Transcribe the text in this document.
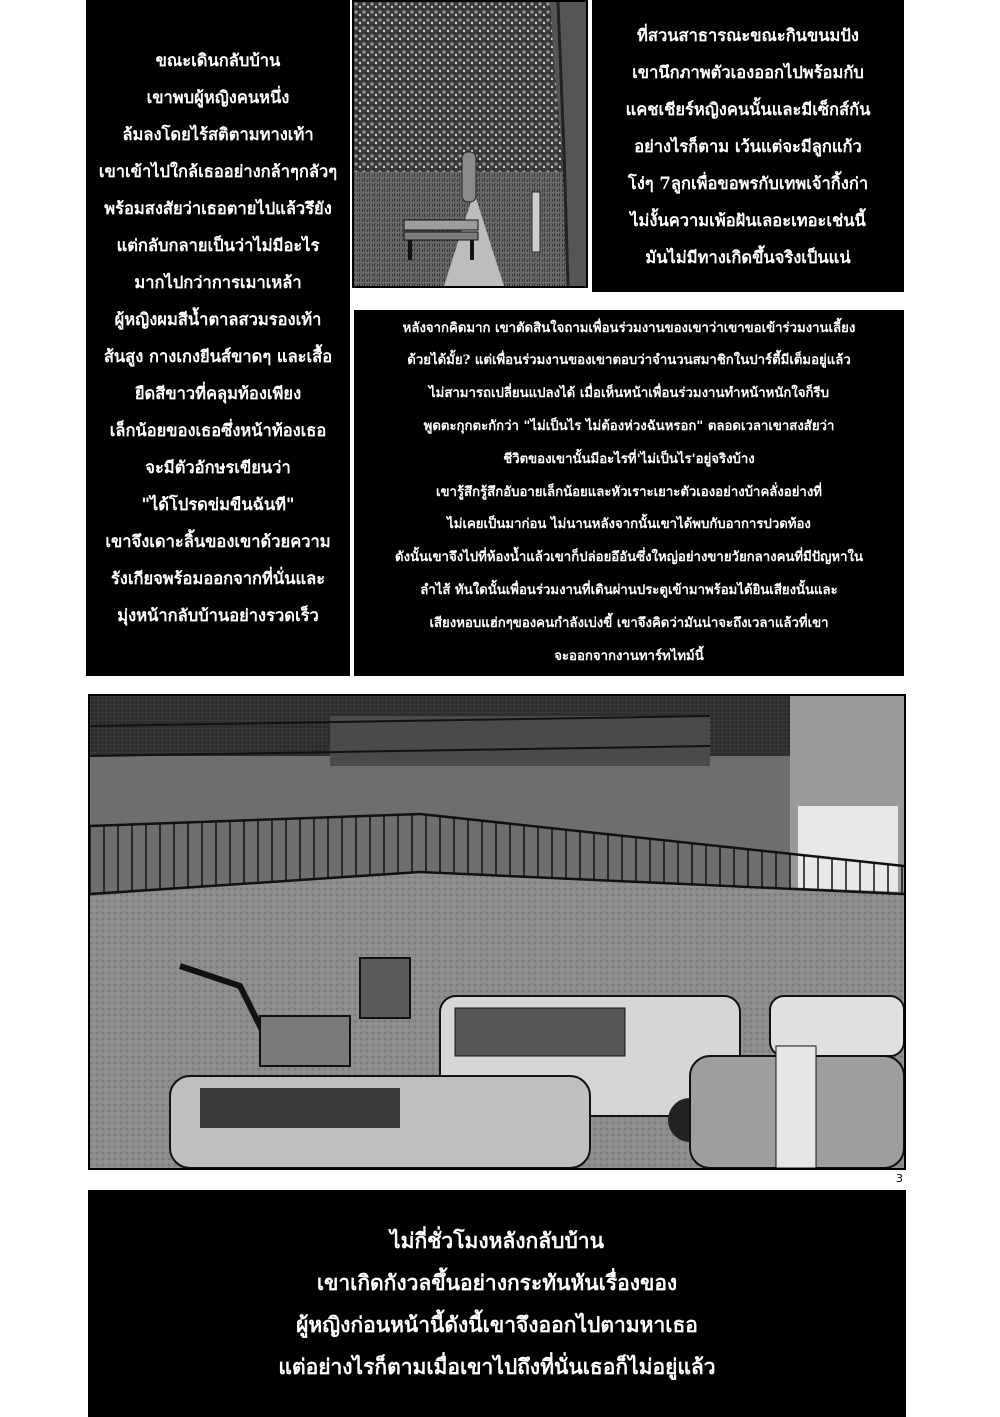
ขณะเดินกลับบ้าน

เขาพบผู้หญิงคนหนึ่ง

ล้มลงโดยไร้สติตามทางเท้า

เขาเข้าไปใกล้เธออย่างกล้าๆกลัวๆ

พร้อมสงสัยว่าเธอตายไปแล้วรึยัง

แต่กลับกลายเป็นว่าไม่มีอะไร

มากไปกว่าการเมาเหล้า

ผู้หญิงผมสีน้ำตาลสวมรองเท้า

ส้นสูง กางเกงยีนส์ขาดๆ และเสื้อ

ยืดสีขาวที่คลุมท้องเพียง

เล็กน้อยของเธอซึ่งหน้าท้องเธอ

จะมีตัวอักษรเขียนว่า

"ได้โปรดข่มขืนฉันที"

เขาจึงเดาะลิ้นของเขาด้วยความ

รังเกียจพร้อมออกจากที่นั่นและ

มุ่งหน้ากลับบ้านอย่างรวดเร็ว

ที่สวนสาธารณะขณะกินขนมปัง

เขานึกภาพตัวเองออกไปพร้อมกับ

แคชเชียร์หญิงคนนั้นและมีเซ็กส์กัน

อย่างไรก็ตาม เว้นแต่จะมีลูกแก้ว

โง่ๆ 7ลูกเพื่อขอพรกับเทพเจ้ากิ้งก่า

ไม่งั้นความเพ้อฝันเลอะเทอะเช่นนี้

มันไม่มีทางเกิดขึ้นจริงเป็นแน่

หลังจากคิดมาก เขาตัดสินใจถามเพื่อนร่วมงานของเขาว่าเขาขอเข้าร่วมงานเลี้ยง

ด้วยได้มั้ย? แต่เพื่อนร่วมงานของเขาตอบว่าจำนวนสมาชิกในปาร์ตี้มีเต็มอยู่แล้ว

ไม่สามารถเปลี่ยนแปลงได้ เมื่อเห็นหน้าเพื่อนร่วมงานทำหน้าหนักใจก็รีบ

พูดตะกุกตะกักว่า "ไม่เป็นไร ไม่ต้องห่วงฉันหรอก" ตลอดเวลาเขาสงสัยว่า

ชีวิตของเขานั้นมีอะไรที่'ไม่เป็นไร'อยู่จริงบ้าง

เขารู้สึกรู้สึกอับอายเล็กน้อยและหัวเราะเยาะตัวเองอย่างบ้าคลั่งอย่างที่

ไม่เคยเป็นมาก่อน ไม่นานหลังจากนั้นเขาได้พบกับอาการปวดท้อง

ดังนั้นเขาจึงไปที่ห้องน้ำแล้วเขาก็ปล่อยอึอันซึ่งใหญ่อย่างขายวัยกลางคนที่มีปัญหาใน

ลำไส้ ทันใดนั้นเพื่อนร่วมงานที่เดินผ่านประตูเข้ามาพร้อมได้ยินเสียงนั้นและ

เสียงหอบแฮ่กๆของคนกำลังเบ่งขี้ เขาจึงคิดว่ามันน่าจะถึงเวลาแล้วที่เขา

จะออกจากงานทาร์ทไทม์นี้

3

ไม่กี่ชั่วโมงหลังกลับบ้าน

เขาเกิดกังวลขึ้นอย่างกระทันหันเรื่องของ

ผู้หญิงก่อนหน้านี้ดังนี้เขาจึงออกไปตามหาเธอ

แต่อย่างไรก็ตามเมื่อเขาไปถึงที่นั่นเธอก็ไม่อยู่แล้ว
